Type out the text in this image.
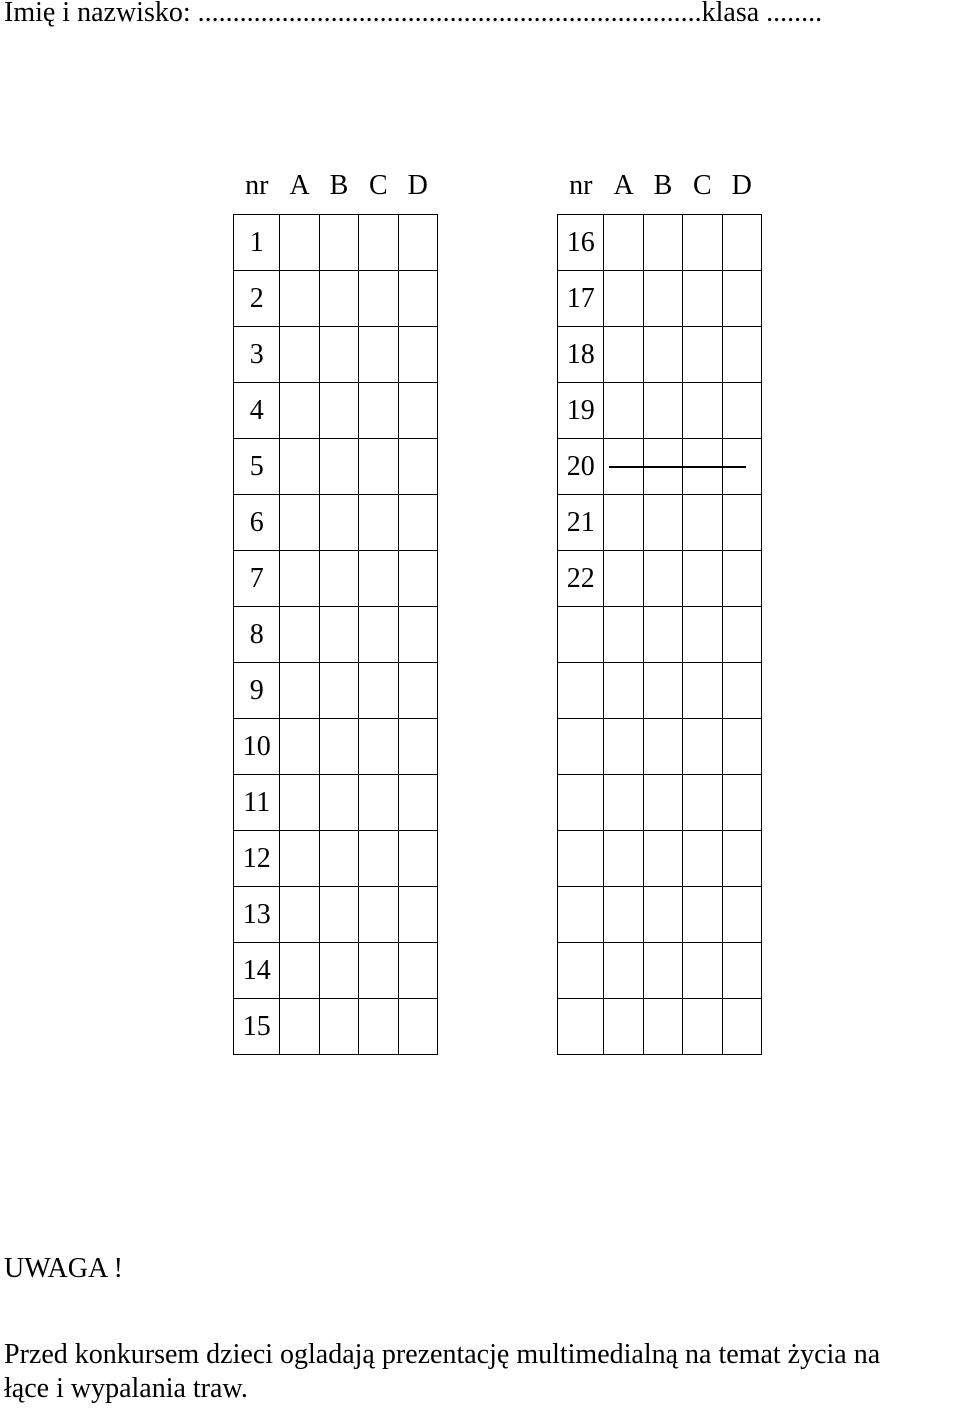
Imię i nazwisko: ........................................................................klasa ........
nr	A	B	C	D
1				
2				
3				
4				
5				
6				
7				
8				
9				
10				
11				
12				
13				
14				
15				
nr	A	B	C	D
16				
17				
18				
19				
20				
21				
22				

UWAGA !
Przed konkursem dzieci ogladają prezentację multimedialną na temat życia na
łące i wypalania traw.
